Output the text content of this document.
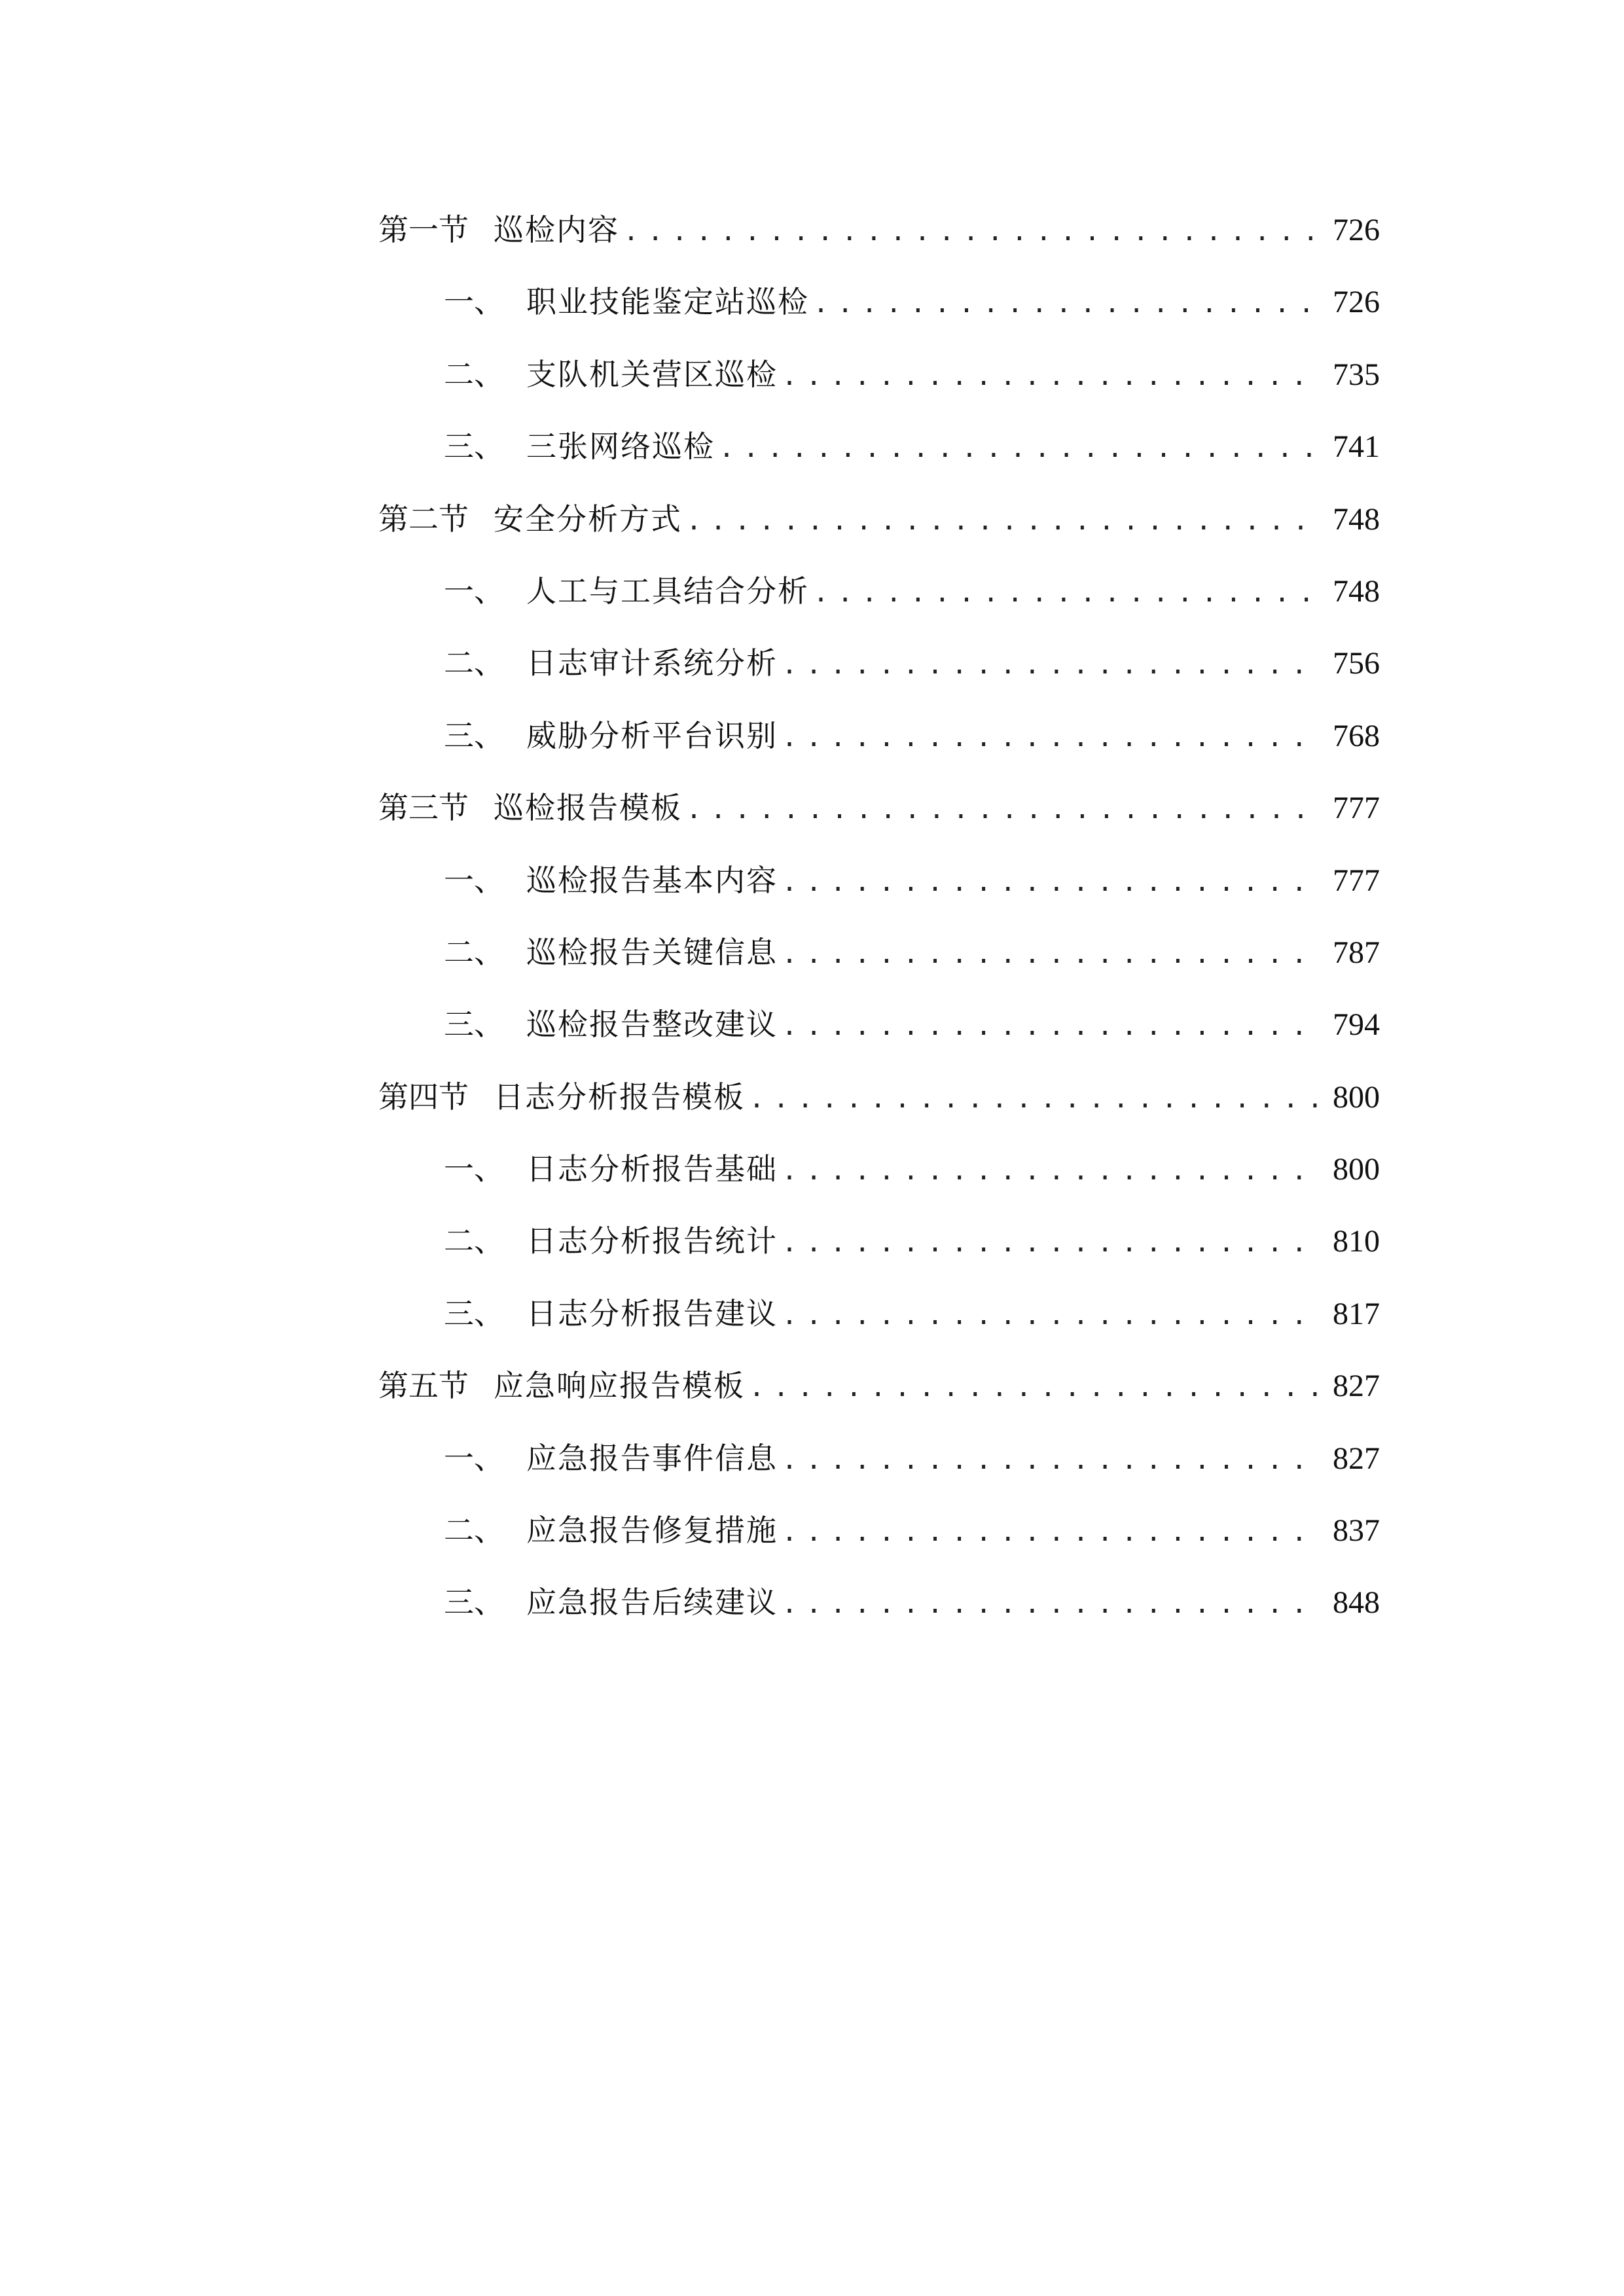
第一节 巡检内容 .....	726
一、 职业技能鉴定站巡检 .....	726
二、 支队机关营区巡检 .....	735
三、 三张网络巡检 .....	741
第二节 安全分析方式 .....	748
一、 人工与工具结合分析 .....	748
二、 日志审计系统分析 .....	756
三、 威胁分析平台识别 .....	768
第三节 巡检报告模板 .....	777
一、 巡检报告基本内容 .....	777
二、 巡检报告关键信息 .....	787
三、 巡检报告整改建议 .....	794
第四节 日志分析报告模板 .....	800
一、 日志分析报告基础 .....	800
二、 日志分析报告统计 .....	810
三、 日志分析报告建议 .....	817
第五节 应急响应报告模板 .....	827
一、 应急报告事件信息 .....	827
二、 应急报告修复措施 .....	837
三、 应急报告后续建议 .....	848
